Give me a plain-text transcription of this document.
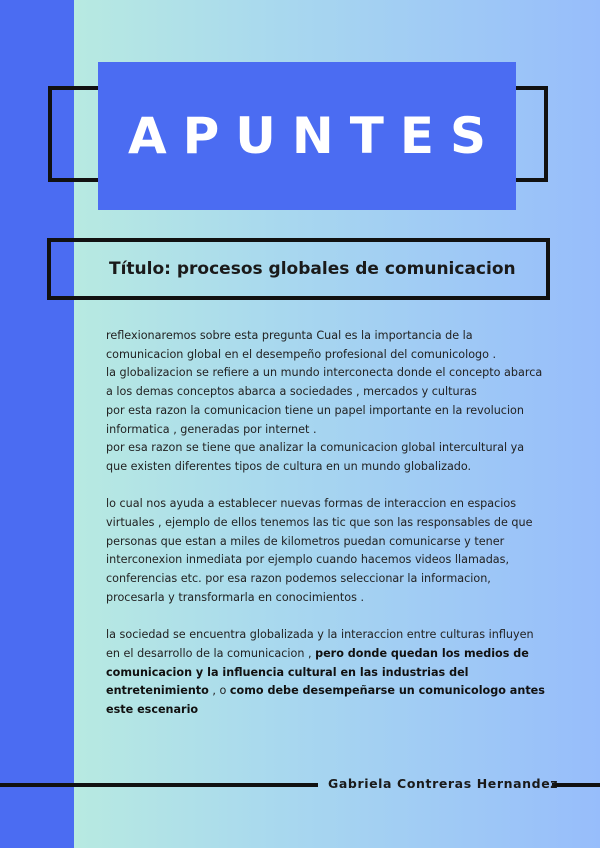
APUNTES
Título: procesos globales de comunicacion

reflexionaremos sobre esta pregunta Cual es la importancia de la comunicacion global en el desempeño profesional del comunicologo .
la globalizacion se refiere a un mundo interconecta donde el concepto abarca a los demas conceptos abarca a sociedades , mercados y culturas
por esta razon la comunicacion tiene un papel importante en la revolucion informatica , generadas por internet .
por esa razon se tiene que analizar la comunicacion global intercultural ya que existen diferentes tipos de cultura en un mundo globalizado.

lo cual nos ayuda a establecer nuevas formas de interaccion en espacios virtuales , ejemplo de ellos tenemos las tic que son las responsables de que personas que estan a miles de kilometros puedan comunicarse y tener interconexion inmediata por ejemplo cuando hacemos videos llamadas, conferencias etc. por esa razon podemos seleccionar la informacion, procesarla y transformarla en conocimientos .

la sociedad se encuentra globalizada y la interaccion entre culturas influyen en el desarrollo de la comunicacion , pero donde quedan los medios de comunicacion y la influencia cultural en las industrias del entretenimiento , o como debe desempeñarse un comunicologo antes este escenario

Gabriela Contreras Hernandez
